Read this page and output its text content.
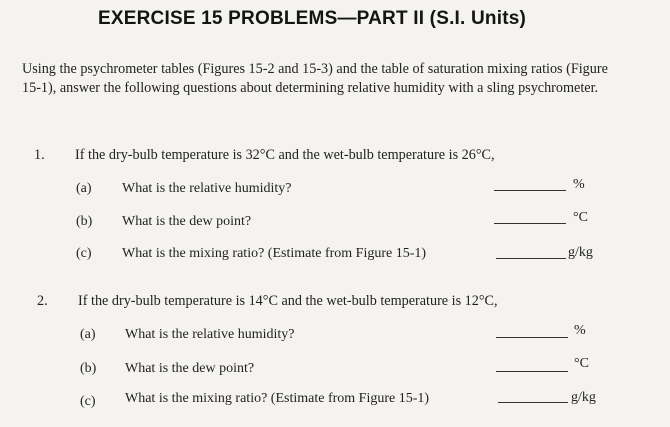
EXERCISE 15 PROBLEMS—PART II (S.I. Units)
Using the psychrometer tables (Figures 15-2 and 15-3) and the table of saturation mixing ratios (Figure 15-1), answer the following questions about determining relative humidity with a sling psychrometer.
1. If the dry-bulb temperature is 32°C and the wet-bulb temperature is 26°C,
(a) What is the relative humidity?	%
(b) What is the dew point?	°C
(c) What is the mixing ratio? (Estimate from Figure 15-1)	g/kg
2. If the dry-bulb temperature is 14°C and the wet-bulb temperature is 12°C,
(a) What is the relative humidity?	%
(b) What is the dew point?	°C
(c) What is the mixing ratio? (Estimate from Figure 15-1)	g/kg
